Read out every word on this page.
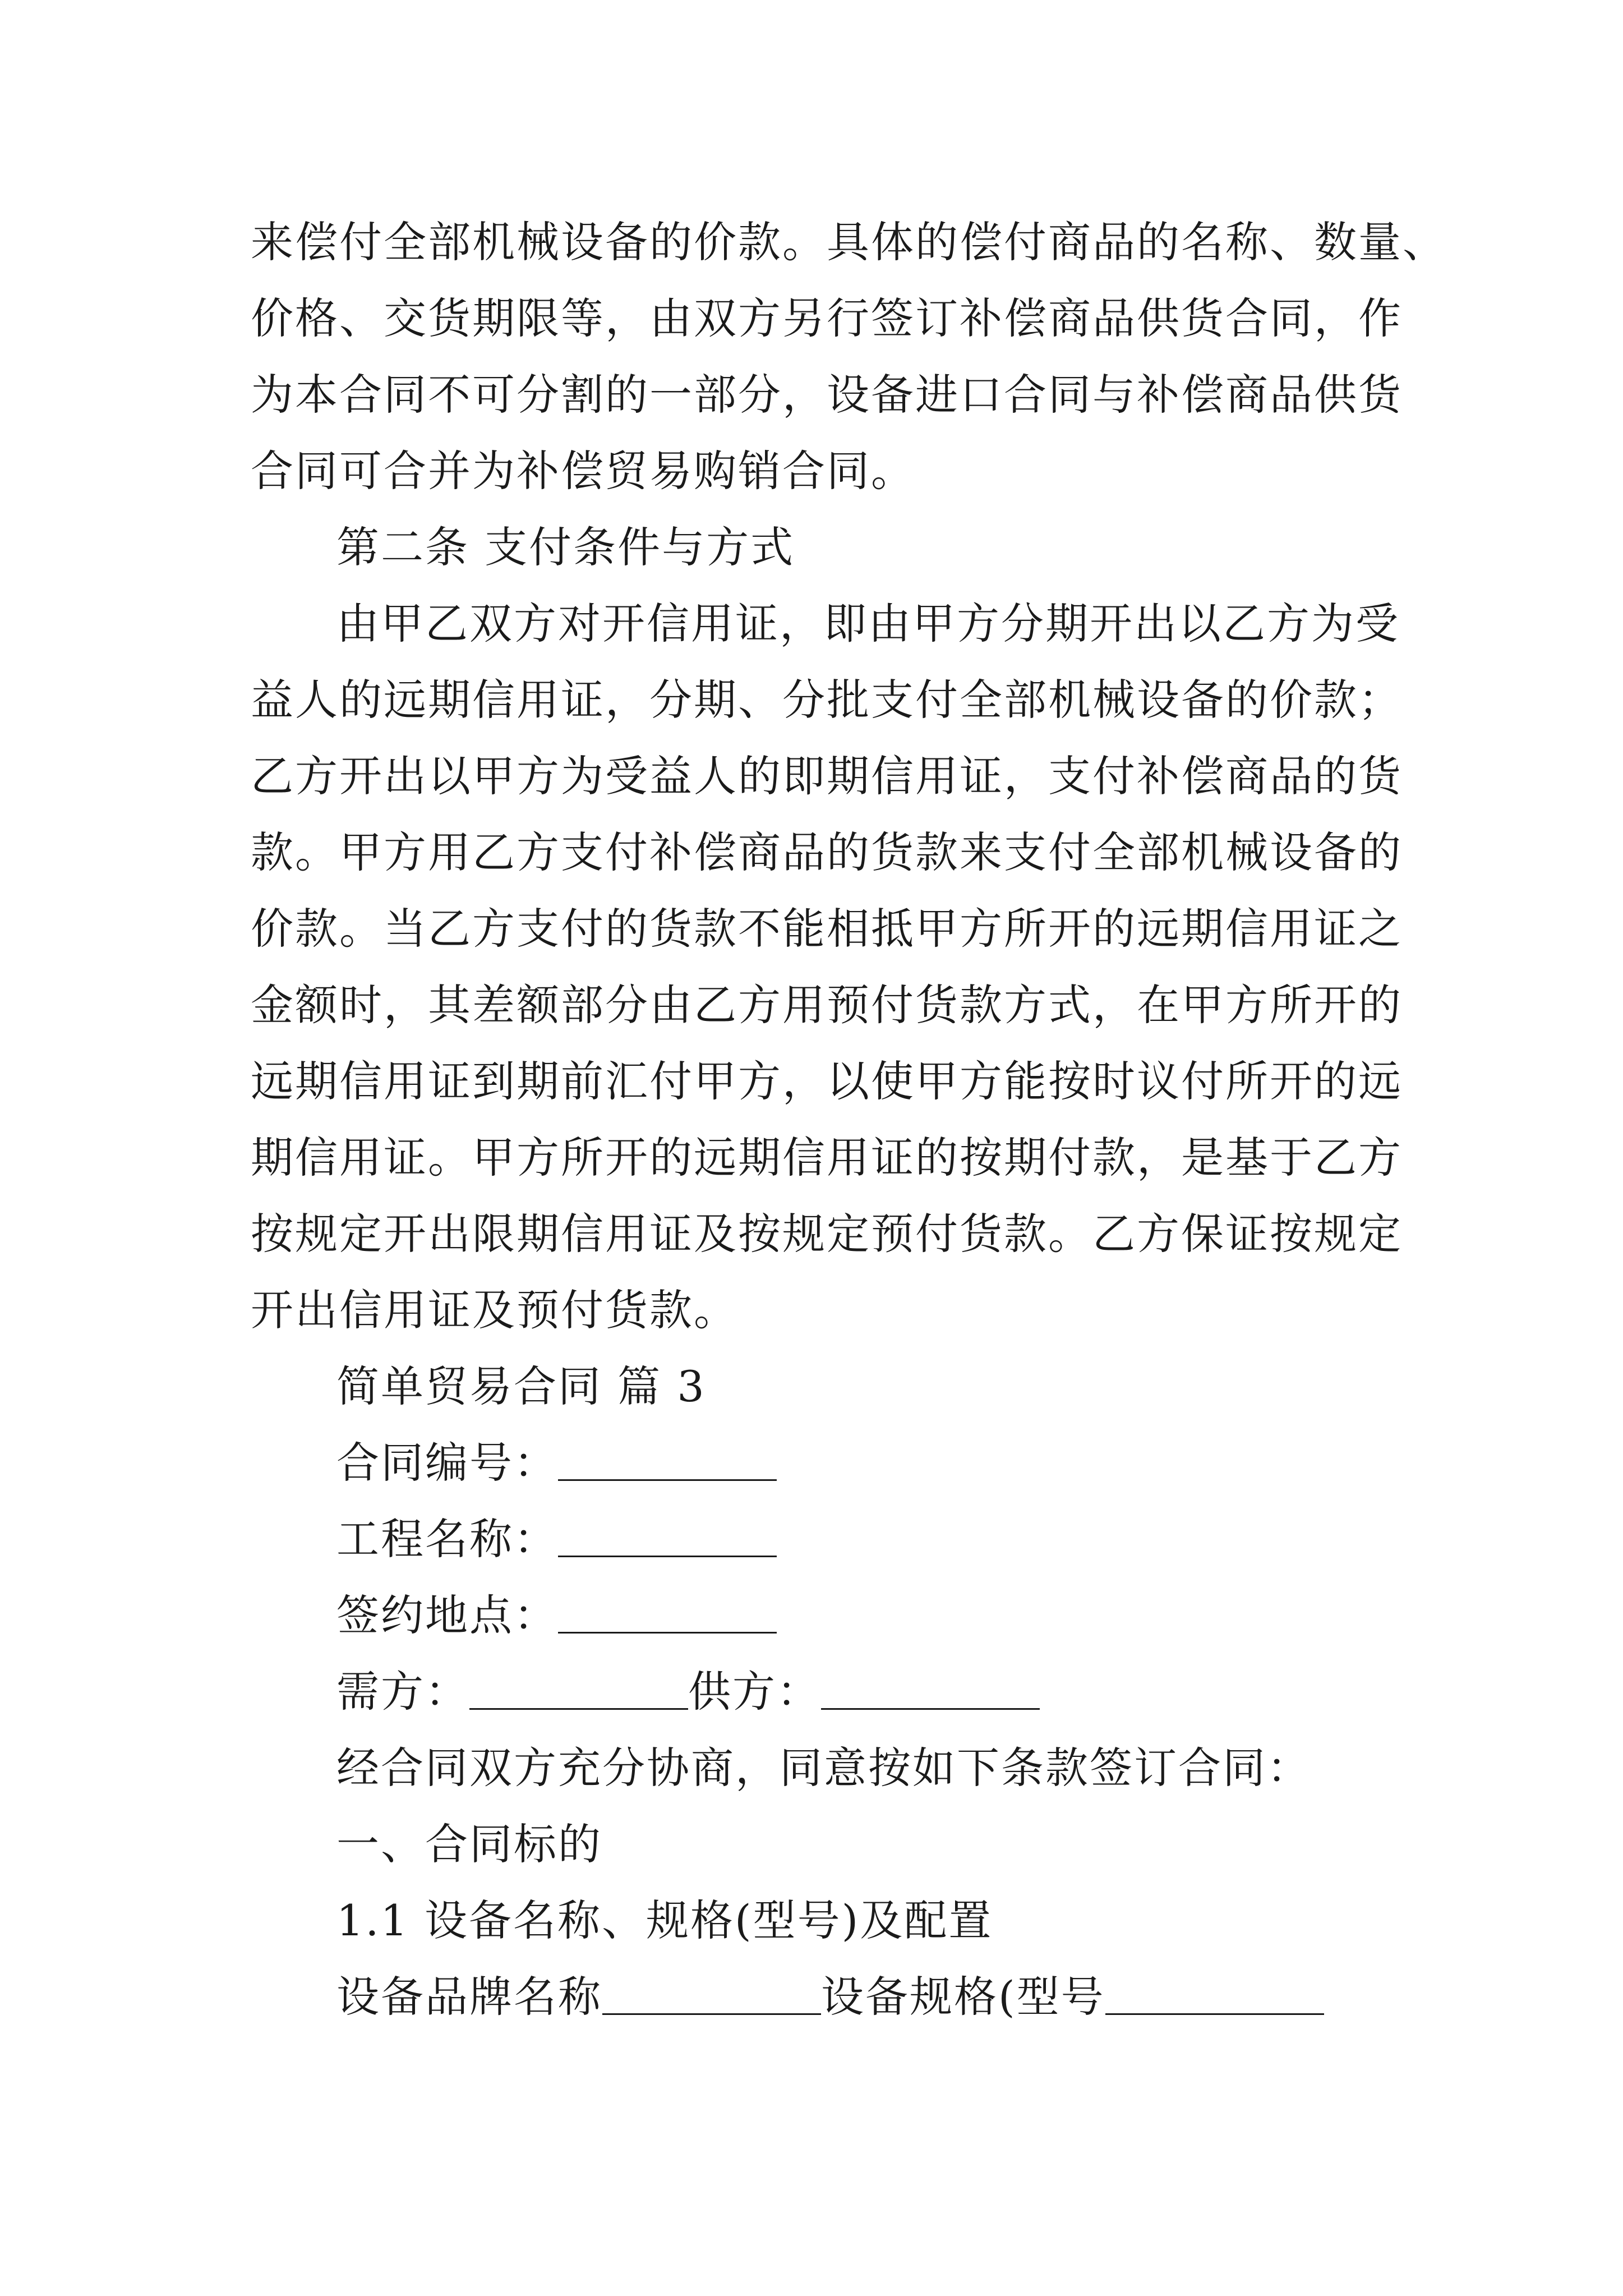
来偿付全部机械设备的价款。具体的偿付商品的名称、数量、
价格、交货期限等，由双方另行签订补偿商品供货合同，作
为本合同不可分割的一部分，设备进口合同与补偿商品供货
合同可合并为补偿贸易购销合同。
第二条 支付条件与方式
由甲乙双方对开信用证，即由甲方分期开出以乙方为受
益人的远期信用证，分期、分批支付全部机械设备的价款；
乙方开出以甲方为受益人的即期信用证，支付补偿商品的货
款。甲方用乙方支付补偿商品的货款来支付全部机械设备的
价款。当乙方支付的货款不能相抵甲方所开的远期信用证之
金额时，其差额部分由乙方用预付货款方式，在甲方所开的
远期信用证到期前汇付甲方，以使甲方能按时议付所开的远
期信用证。甲方所开的远期信用证的按期付款，是基于乙方
按规定开出限期信用证及按规定预付货款。乙方保证按规定
开出信用证及预付货款。
简单贸易合同 篇 3
合同编号：
工程名称：
签约地点：
需方：	供方：
经合同双方充分协商，同意按如下条款签订合同：
一、合同标的
1.1 设备名称、规格(型号)及配置
设备品牌名称	设备规格(型号
